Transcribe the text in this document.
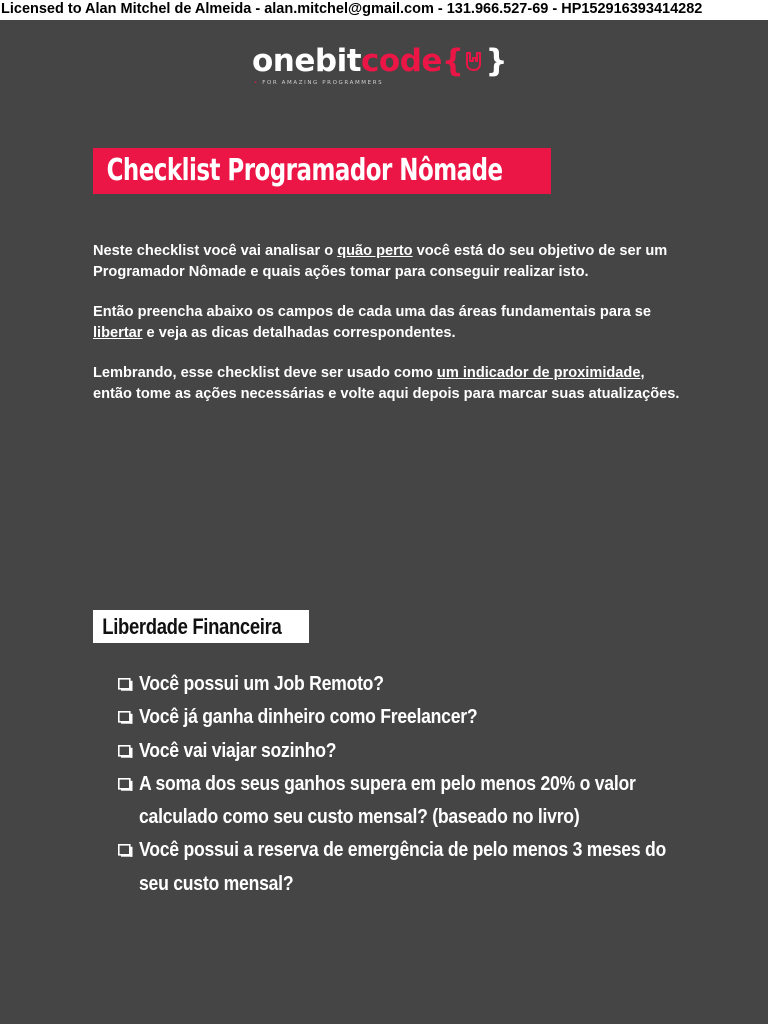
Licensed to Alan Mitchel de Almeida - alan.mitchel@gmail.com - 131.966.527-69 - HP152916393414282
onebitcode{ }
• FOR AMAZING PROGRAMMERS
Checklist Programador Nômade

Neste checklist você vai analisar o quão perto você está do seu objetivo de ser um Programador Nômade e quais ações tomar para conseguir realizar isto.

Então preencha abaixo os campos de cada uma das áreas fundamentais para se libertar e veja as dicas detalhadas correspondentes.

Lembrando, esse checklist deve ser usado como um indicador de proximidade, então tome as ações necessárias e volte aqui depois para marcar suas atualizações.

Liberdade Financeira
Você possui um Job Remoto?
Você já ganha dinheiro como Freelancer?
Você vai viajar sozinho?
A soma dos seus ganhos supera em pelo menos 20% o valor calculado como seu custo mensal? (baseado no livro)
Você possui a reserva de emergência de pelo menos 3 meses do seu custo mensal?
